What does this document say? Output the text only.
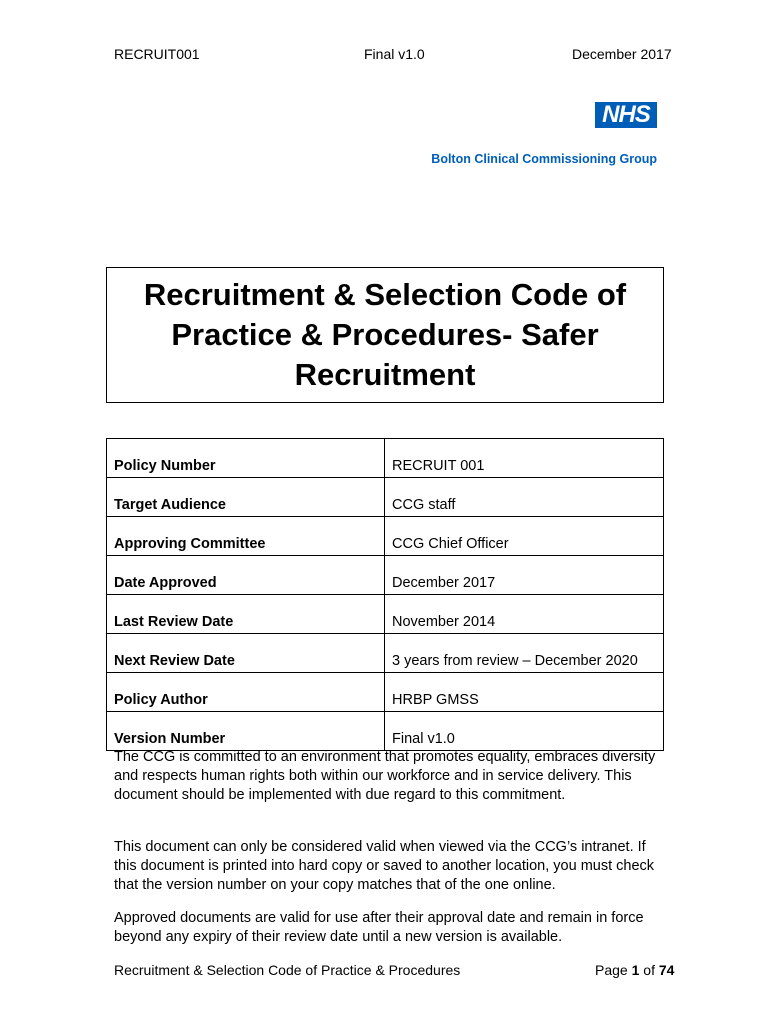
RECRUIT001	Final v1.0	December 2017
NHS
Bolton Clinical Commissioning Group
Recruitment & Selection Code of Practice & Procedures- Safer Recruitment
Policy Number	RECRUIT 001
Target Audience	CCG staff
Approving Committee	CCG Chief Officer
Date Approved	December 2017
Last Review Date	November 2014
Next Review Date	3 years from review – December 2020
Policy Author	HRBP GMSS
Version Number	Final v1.0

The CCG is committed to an environment that promotes equality, embraces diversity and respects human rights both within our workforce and in service delivery. This document should be implemented with due regard to this commitment.

This document can only be considered valid when viewed via the CCG’s intranet. If this document is printed into hard copy or saved to another location, you must check that the version number on your copy matches that of the one online.

Approved documents are valid for use after their approval date and remain in force beyond any expiry of their review date until a new version is available.

Recruitment & Selection Code of Practice & Procedures	Page 1 of 74
